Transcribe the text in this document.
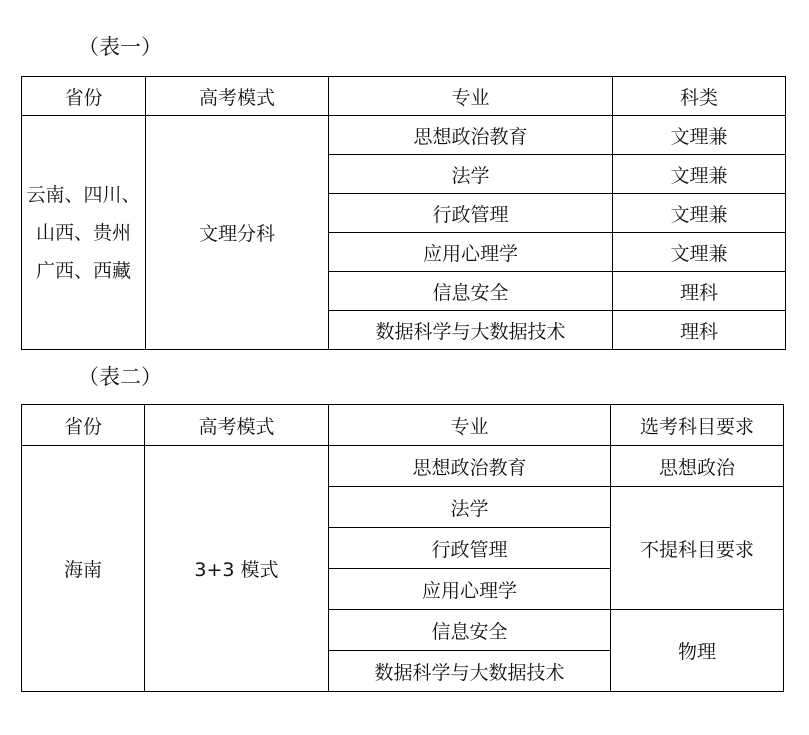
（表一）
省份	高考模式	专业	科类

云南、四川、
山西、贵州
广西、西藏	文理分科	思想政治教育	文理兼
		法学	文理兼
		行政管理	文理兼
		应用心理学	文理兼
		信息安全	理科
		数据科学与大数据技术	理科
（表二）
省份	高考模式	专业	选考科目要求
海南	3+3 模式	思想政治教育	思想政治
		法学	不提科目要求
		行政管理	
		应用心理学	
		信息安全	物理
		数据科学与大数据技术	
